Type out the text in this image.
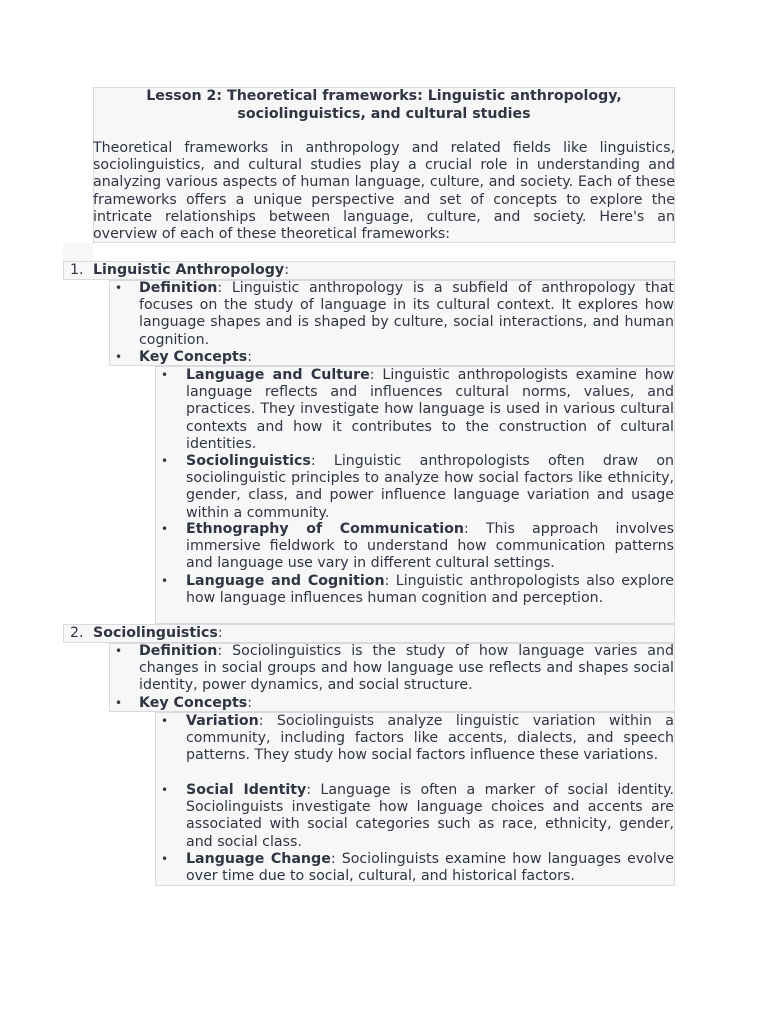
Lesson 2: Theoretical frameworks: Linguistic anthropology,
sociolinguistics, and cultural studies
Theoretical frameworks in anthropology and related fields like linguistics, sociolinguistics, and cultural studies play a crucial role in understanding and analyzing various aspects of human language, culture, and society. Each of these frameworks offers a unique perspective and set of concepts to explore the intricate relationships between language, culture, and society. Here's an overview of each of these theoretical frameworks:
1. Linguistic Anthropology:
• Definition: Linguistic anthropology is a subfield of anthropology that focuses on the study of language in its cultural context. It explores how language shapes and is shaped by culture, social interactions, and human cognition.
• Key Concepts:
• Language and Culture: Linguistic anthropologists examine how language reflects and influences cultural norms, values, and practices. They investigate how language is used in various cultural contexts and how it contributes to the construction of cultural identities.
• Sociolinguistics: Linguistic anthropologists often draw on sociolinguistic principles to analyze how social factors like ethnicity, gender, class, and power influence language variation and usage within a community.
• Ethnography of Communication: This approach involves immersive fieldwork to understand how communication patterns and language use vary in different cultural settings.
• Language and Cognition: Linguistic anthropologists also explore how language influences human cognition and perception.
2. Sociolinguistics:
• Definition: Sociolinguistics is the study of how language varies and changes in social groups and how language use reflects and shapes social identity, power dynamics, and social structure.
• Key Concepts:
• Variation: Sociolinguists analyze linguistic variation within a community, including factors like accents, dialects, and speech patterns. They study how social factors influence these variations.
• Social Identity: Language is often a marker of social identity. Sociolinguists investigate how language choices and accents are associated with social categories such as race, ethnicity, gender, and social class.
• Language Change: Sociolinguists examine how languages evolve over time due to social, cultural, and historical factors.
